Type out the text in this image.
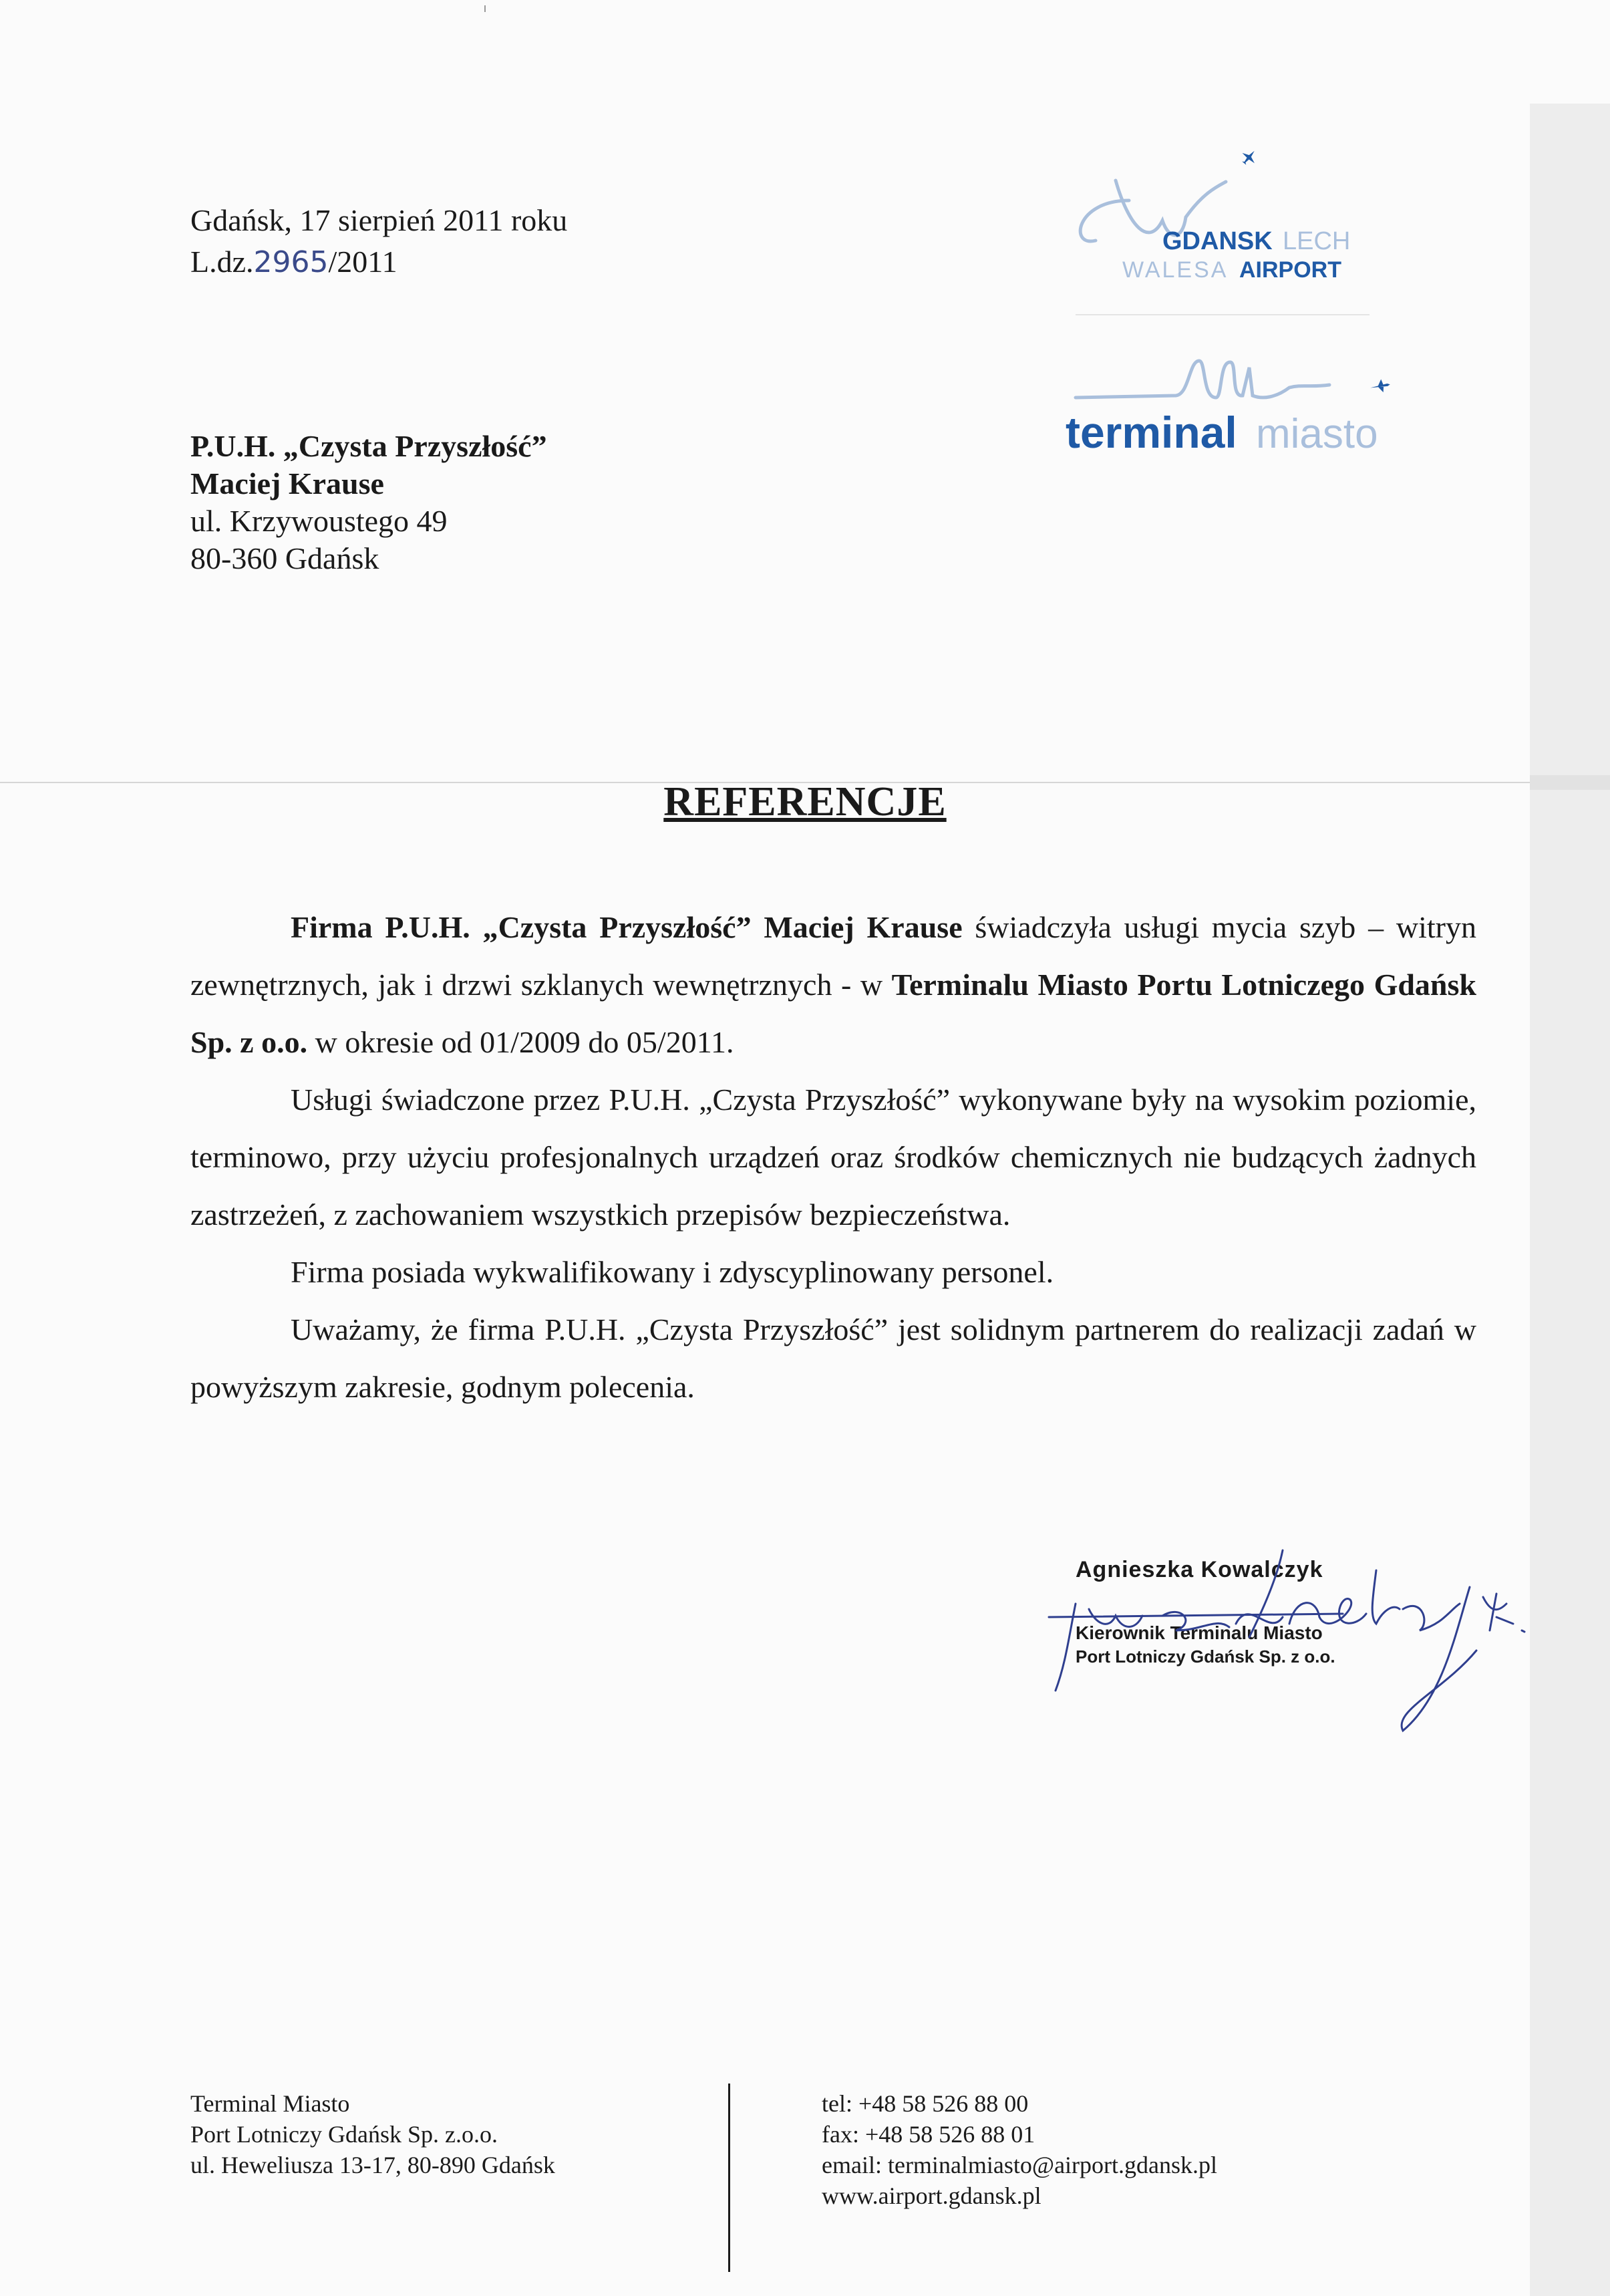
Gdańsk, 17 sierpień 2011 roku
L.dz.2965/2011
GDANSK LECH
WALESA AIRPORT
terminal miasto
P.U.H. „Czysta Przyszłość”
Maciej Krause
ul. Krzywoustego 49
80-360 Gdańsk
REFERENCJE

Firma P.U.H. „Czysta Przyszłość” Maciej Krause świadczyła usługi mycia szyb – witryn zewnętrznych, jak i drzwi szklanych wewnętrznych - w Terminalu Miasto Portu Lotniczego Gdańsk Sp. z o.o. w okresie od 01/2009 do 05/2011.

Usługi świadczone przez P.U.H. „Czysta Przyszłość” wykonywane były na wysokim poziomie, terminowo, przy użyciu profesjonalnych urządzeń oraz środków chemicznych nie budzących żadnych zastrzeżeń, z zachowaniem wszystkich przepisów bezpieczeństwa.

Firma posiada wykwalifikowany i zdyscyplinowany personel.

Uważamy, że firma P.U.H. „Czysta Przyszłość” jest solidnym partnerem do realizacji zadań w powyższym zakresie, godnym polecenia.

Agnieszka Kowalczyk
Kierownik Terminalu Miasto
Port Lotniczy Gdańsk Sp. z o.o.
Terminal Miasto
Port Lotniczy Gdańsk Sp. z.o.o.
ul. Heweliusza 13-17, 80-890 Gdańsk
tel: +48 58 526 88 00
fax: +48 58 526 88 01
email: terminalmiasto@airport.gdansk.pl
www.airport.gdansk.pl
